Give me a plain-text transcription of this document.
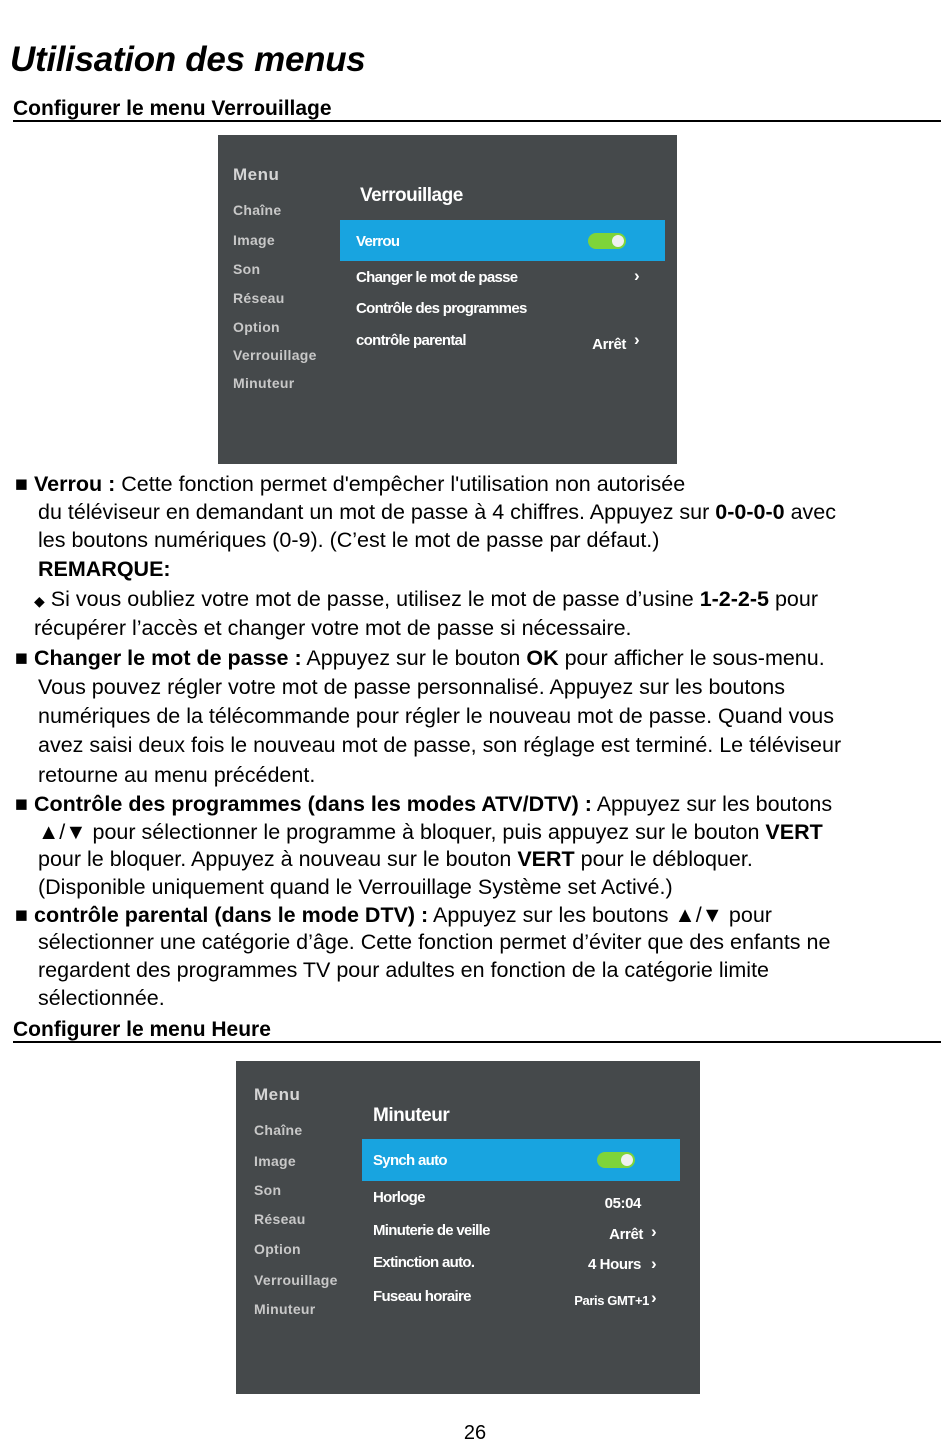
Utilisation des menus
Configurer le menu Verrouillage
Menu
Chaîne
Image
Son
Réseau
Option
Verrouillage
Minuteur
Verrouillage
Verrou
Changer le mot de passe	›
Contrôle des programmes
contrôle parental	Arrêt ›
■ Verrou : Cette fonction permet d'empêcher l'utilisation non autorisée
du téléviseur en demandant un mot de passe à 4 chiffres. Appuyez sur 0-0-0-0 avec
les boutons numériques (0-9). (C’est le mot de passe par défaut.)
REMARQUE:
◆ Si vous oubliez votre mot de passe, utilisez le mot de passe d’usine 1-2-2-5 pour
récupérer l’accès et changer votre mot de passe si nécessaire.
■ Changer le mot de passe : Appuyez sur le bouton OK pour afficher le sous-menu.
Vous pouvez régler votre mot de passe personnalisé. Appuyez sur les boutons
numériques de la télécommande pour régler le nouveau mot de passe. Quand vous
avez saisi deux fois le nouveau mot de passe, son réglage est terminé. Le téléviseur
retourne au menu précédent.
■ Contrôle des programmes (dans les modes ATV/DTV) : Appuyez sur les boutons
▲/▼ pour sélectionner le programme à bloquer, puis appuyez sur le bouton VERT
pour le bloquer. Appuyez à nouveau sur le bouton VERT pour le débloquer.
(Disponible uniquement quand le Verrouillage Système set Activé.)
■ contrôle parental (dans le mode DTV) : Appuyez sur les boutons ▲/▼ pour
sélectionner une catégorie d’âge. Cette fonction permet d’éviter que des enfants ne
regardent des programmes TV pour adultes en fonction de la catégorie limite
sélectionnée.
Configurer le menu Heure
Menu
Chaîne
Image
Son
Réseau
Option
Verrouillage
Minuteur
Minuteur
Synch auto
Horloge	05:04
Minuterie de veille	Arrêt ›
Extinction auto.	4 Hours ›
Fuseau horaire	Paris GMT+1 ›
26
